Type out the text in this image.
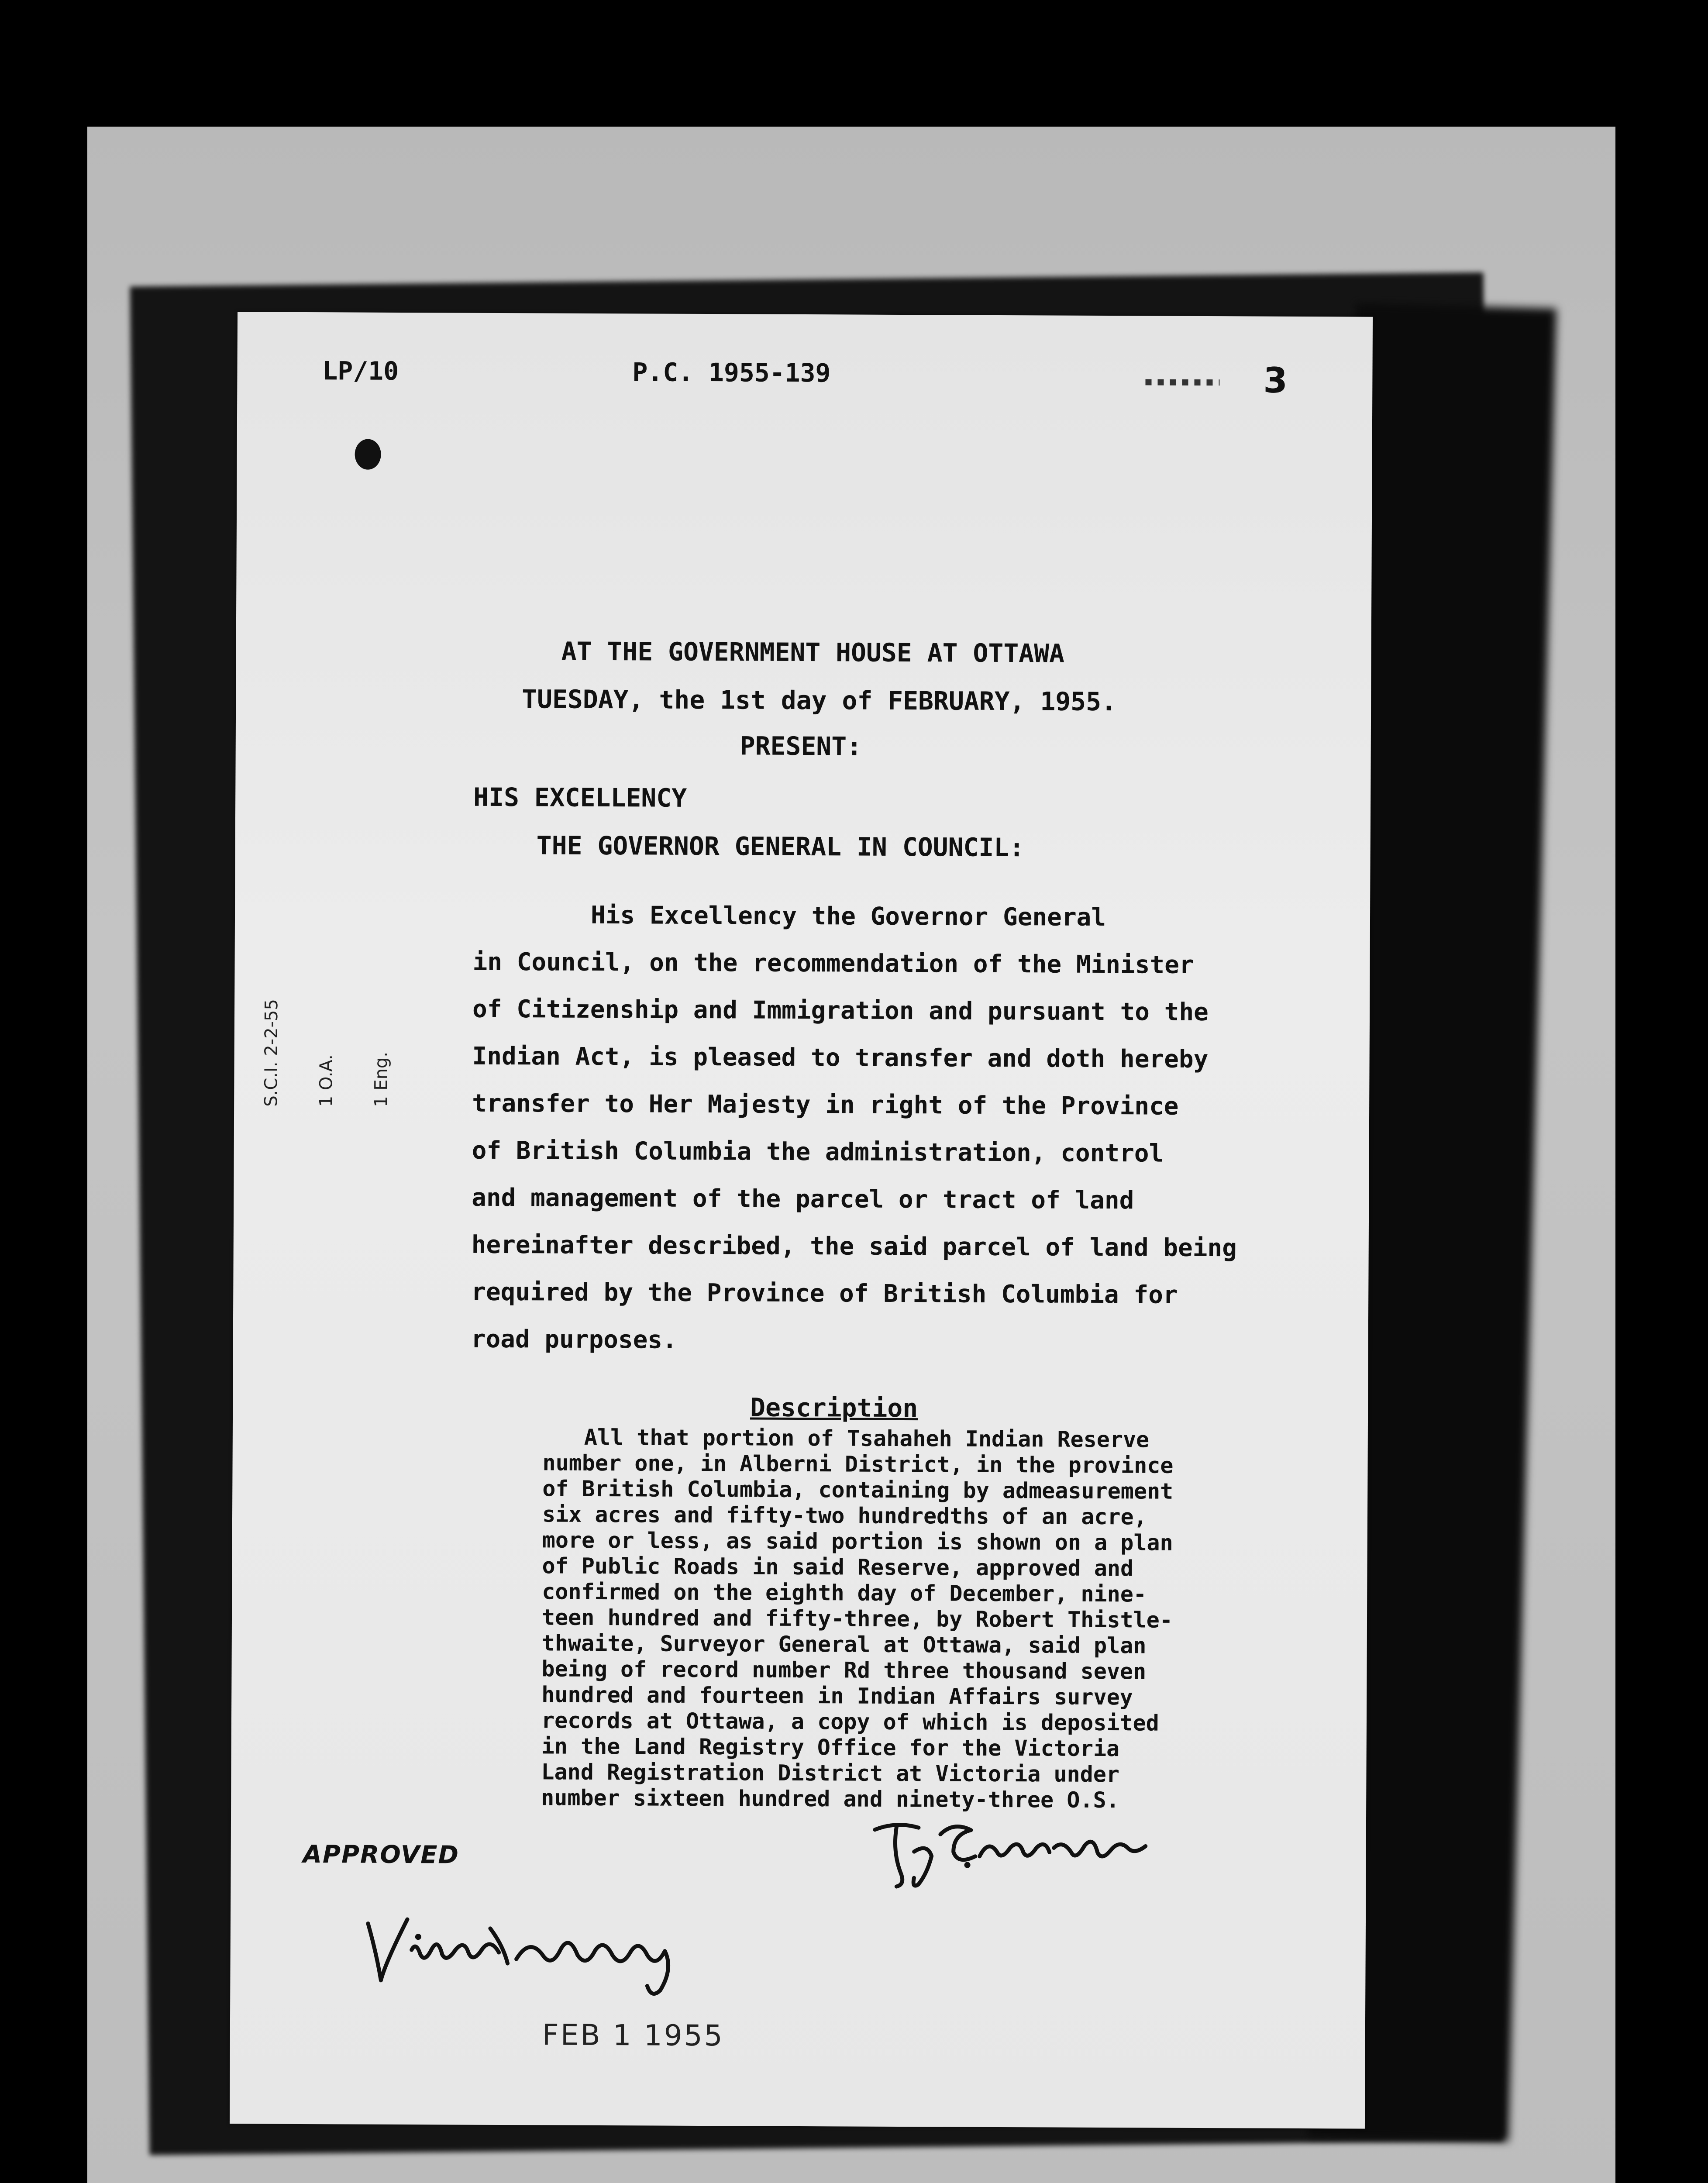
LP/10	P.C. 1955-139	3
AT THE GOVERNMENT HOUSE AT OTTAWA
TUESDAY, the 1st day of FEBRUARY, 1955.
PRESENT:
HIS EXCELLENCY
THE GOVERNOR GENERAL IN COUNCIL:
His Excellency the Governor General
in Council, on the recommendation of the Minister
of Citizenship and Immigration and pursuant to the
Indian Act, is pleased to transfer and doth hereby
transfer to Her Majesty in right of the Province
of British Columbia the administration, control
and management of the parcel or tract of land
hereinafter described, the said parcel of land being
required by the Province of British Columbia for
road purposes.
Description
All that portion of Tsahaheh Indian Reserve
number one, in Alberni District, in the province
of British Columbia, containing by admeasurement
six acres and fifty-two hundredths of an acre,
more or less, as said portion is shown on a plan
of Public Roads in said Reserve, approved and
confirmed on the eighth day of December, nine-
teen hundred and fifty-three, by Robert Thistle-
thwaite, Surveyor General at Ottawa, said plan
being of record number Rd three thousand seven
hundred and fourteen in Indian Affairs survey
records at Ottawa, a copy of which is deposited
in the Land Registry Office for the Victoria
Land Registration District at Victoria under
number sixteen hundred and ninety-three O.S.
APPROVED
FEB 1 1955

S.C.I. 2-2-55

1 O.A.

1 Eng.
